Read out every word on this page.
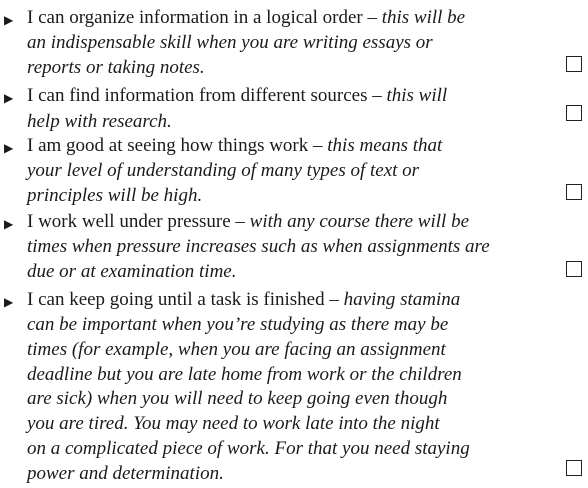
▶ I can organize information in a logical order – this will be
an indispensable skill when you are writing essays or
reports or taking notes.
▶ I can find information from different sources – this will
help with research.
▶ I am good at seeing how things work – this means that
your level of understanding of many types of text or
principles will be high.
▶ I work well under pressure – with any course there will be
times when pressure increases such as when assignments are
due or at examination time.
▶ I can keep going until a task is finished – having stamina
can be important when you’re studying as there may be
times (for example, when you are facing an assignment
deadline but you are late home from work or the children
are sick) when you will need to keep going even though
you are tired. You may need to work late into the night
on a complicated piece of work. For that you need staying
power and determination.
